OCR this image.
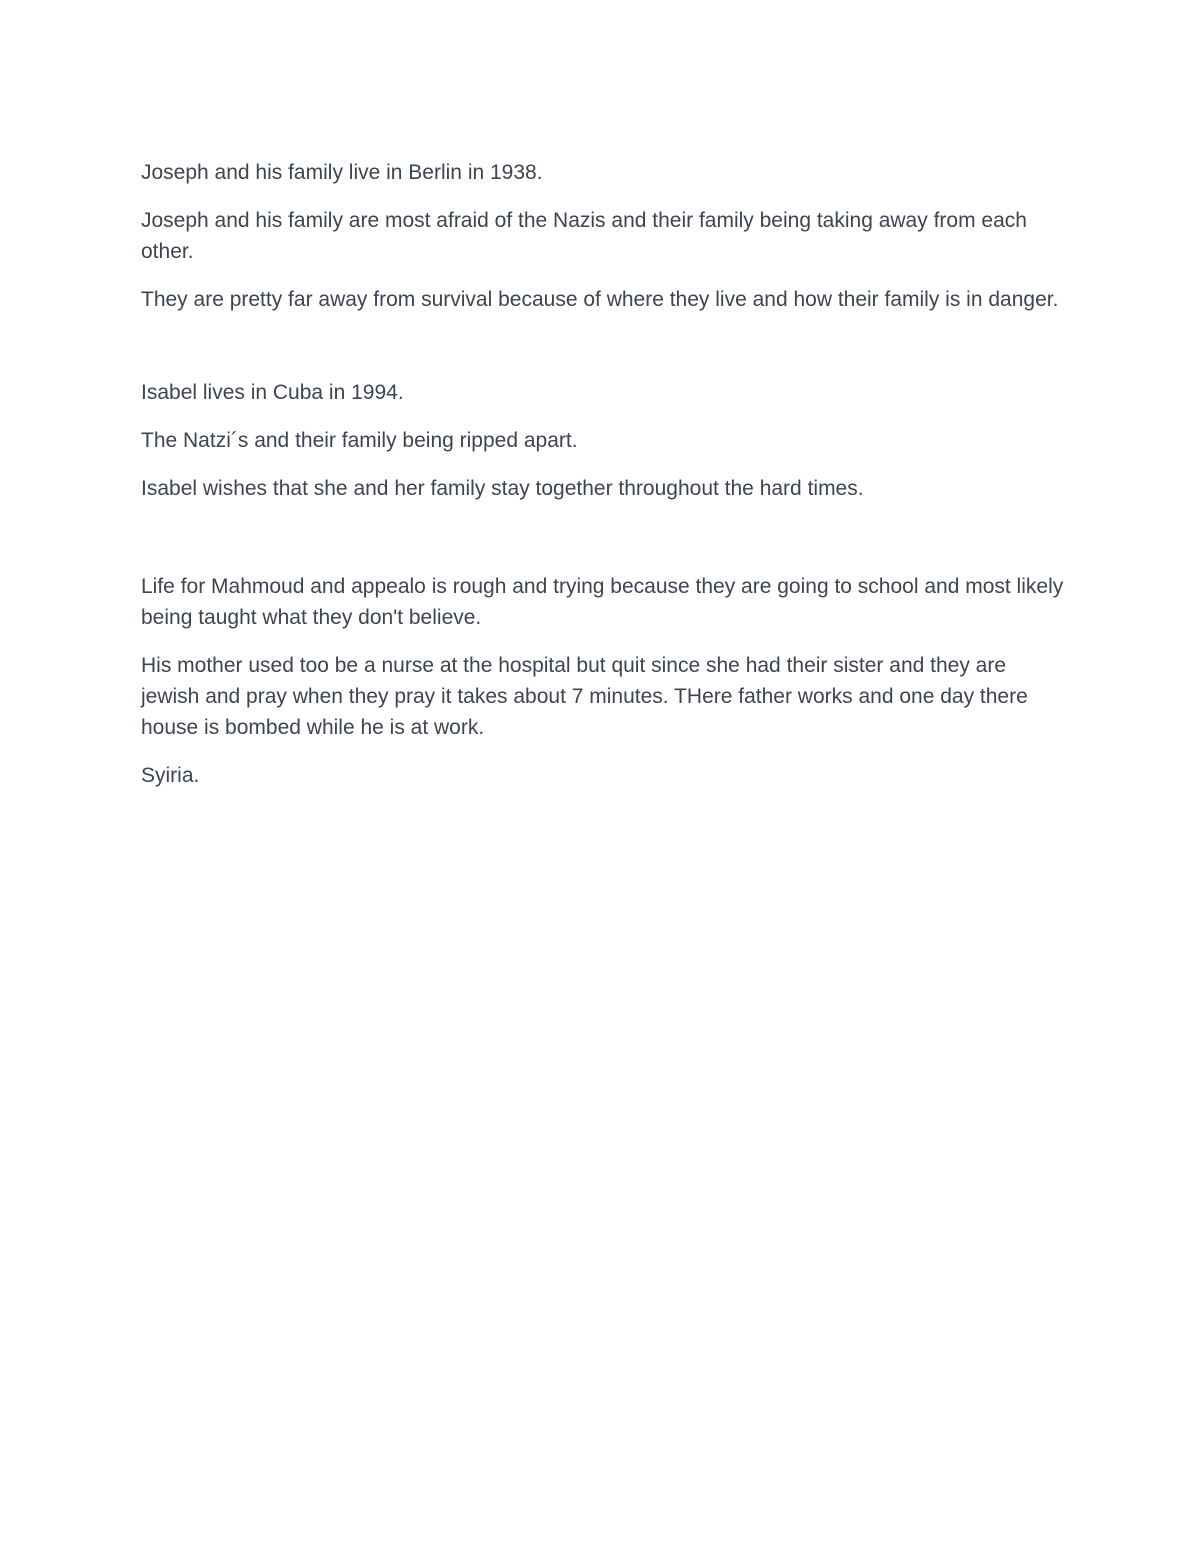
Joseph and his family live in Berlin in 1938.

Joseph and his family are most afraid of the Nazis and their family being taking away from each other.

They are pretty far away from survival because of where they live and how their family is in danger.

Isabel lives in Cuba in 1994.

The Natzi´s and their family being ripped apart.

Isabel wishes that she and her family stay together throughout the hard times.

Life for Mahmoud and appealo is rough and trying because they are going to school and most likely being taught what they don't believe.

His mother used too be a nurse at the hospital but quit since she had their sister and they are jewish and pray when they pray it takes about 7 minutes. THere father works and one day there house is bombed while he is at work.

Syiria.
